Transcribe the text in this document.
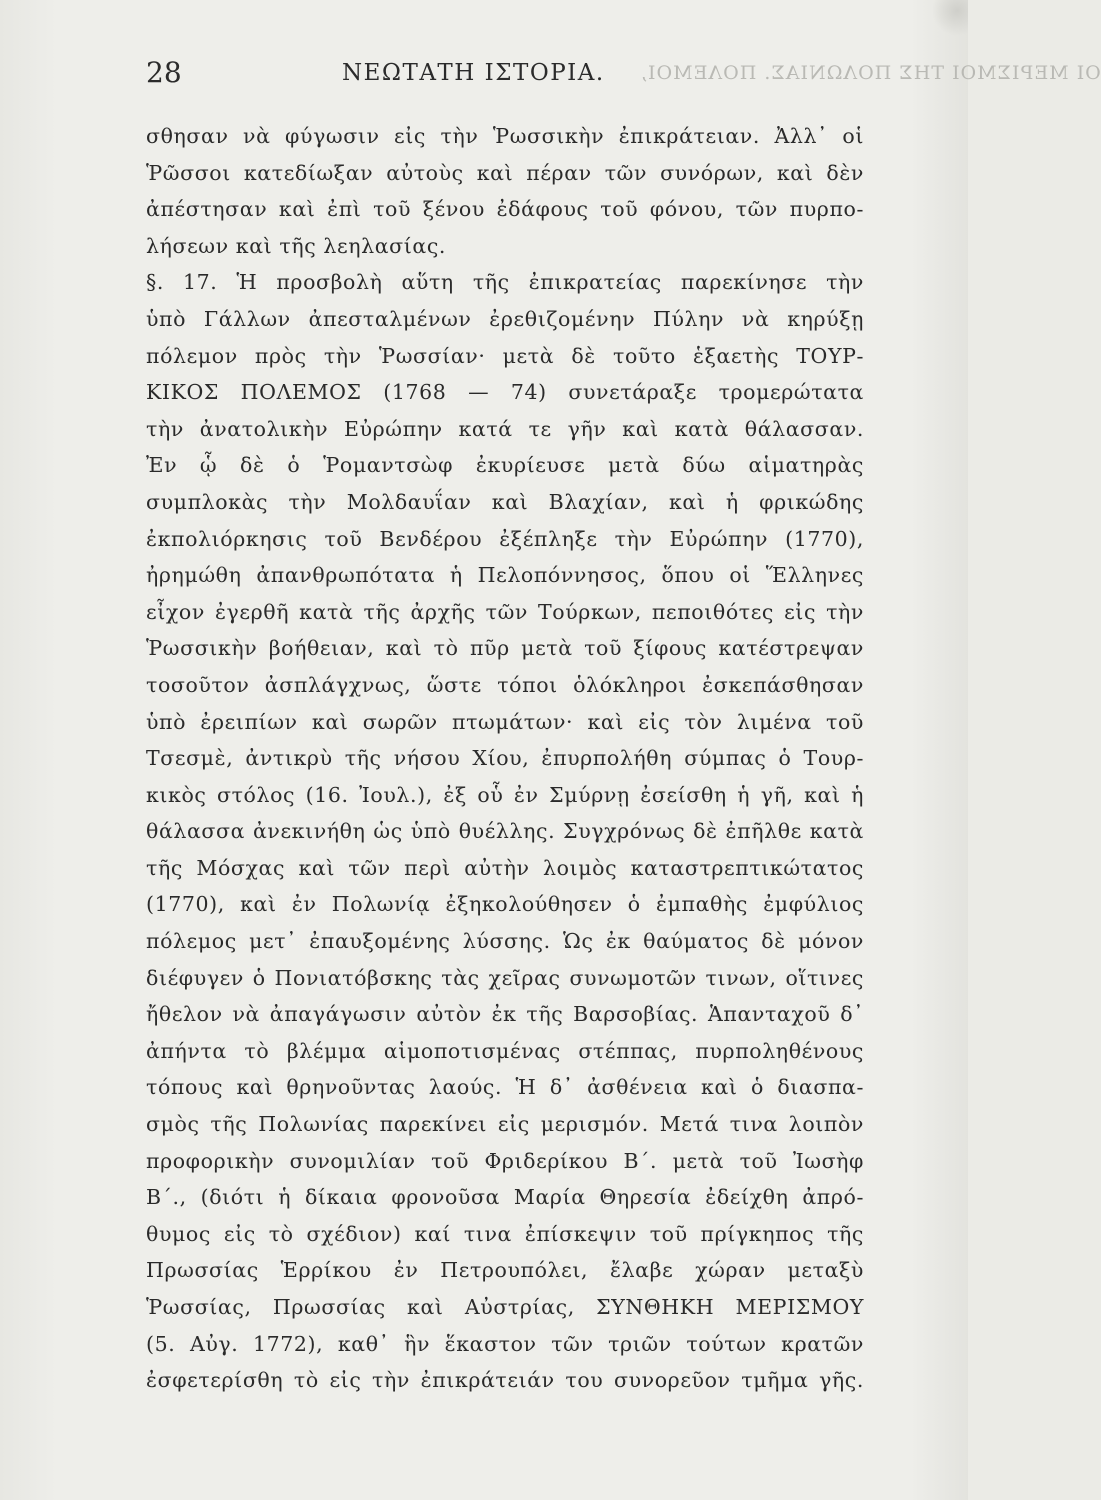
ΟΙ ΜΕΡΙΣΜΟΙ ΤΗΣ ΠΟΛΩΝΙΑΣ. ΠΟΛΕΜΟΙ,
28	ΝΕΩΤΑΤΗ ΙΣΤΟΡΙΑ.
σθησαν νὰ φύγωσιν εἰς τὴν Ῥωσσικὴν ἐπικράτειαν. Ἀλλ᾽ οἱ
Ῥῶσσοι κατεδίωξαν αὐτοὺς καὶ πέραν τῶν συνόρων, καὶ δὲν
ἀπέστησαν καὶ ἐπὶ τοῦ ξένου ἐδάφους τοῦ φόνου, τῶν πυρπο-
λήσεων καὶ τῆς λεηλασίας.
§. 17. Ἡ προσβολὴ αὕτη τῆς ἐπικρατείας παρεκίνησε τὴν
ὑπὸ Γάλλων ἀπεσταλμένων ἐρεθιζομένην Πύλην νὰ κηρύξῃ
πόλεμον πρὸς τὴν Ῥωσσίαν· μετὰ δὲ τοῦτο ἑξαετὴς ΤΟΥΡ-
ΚΙΚΟΣ ΠΟΛΕΜΟΣ (1768 — 74) συνετάραξε τρομερώτατα
τὴν ἀνατολικὴν Εὐρώπην κατά τε γῆν καὶ κατὰ θάλασσαν.
Ἐν ᾧ δὲ ὁ Ῥομαντσὼφ ἐκυρίευσε μετὰ δύω αἱματηρὰς
συμπλοκὰς τὴν Μολδαυΐαν καὶ Βλαχίαν, καὶ ἡ φρικώδης
ἐκπολιόρκησις τοῦ Βενδέρου ἐξέπληξε τὴν Εὐρώπην (1770),
ἠρημώθη ἀπανθρωπότατα ἡ Πελοπόννησος, ὅπου οἱ Ἕλληνες
εἶχον ἐγερθῆ κατὰ τῆς ἀρχῆς τῶν Τούρκων, πεποιθότες εἰς τὴν
Ῥωσσικὴν βοήθειαν, καὶ τὸ πῦρ μετὰ τοῦ ξίφους κατέστρεψαν
τοσοῦτον ἀσπλάγχνως, ὥστε τόποι ὁλόκληροι ἐσκεπάσθησαν
ὑπὸ ἐρειπίων καὶ σωρῶν πτωμάτων· καὶ εἰς τὸν λιμένα τοῦ
Τσεσμὲ, ἀντικρὺ τῆς νήσου Χίου, ἐπυρπολήθη σύμπας ὁ Τουρ-
κικὸς στόλος (16. Ἰουλ.), ἐξ οὗ ἐν Σμύρνῃ ἐσείσθη ἡ γῆ, καὶ ἡ
θάλασσα ἀνεκινήθη ὡς ὑπὸ θυέλλης. Συγχρόνως δὲ ἐπῆλθε κατὰ
τῆς Μόσχας καὶ τῶν περὶ αὐτὴν λοιμὸς καταστρεπτικώτατος
(1770), καὶ ἐν Πολωνίᾳ ἐξηκολούθησεν ὁ ἐμπαθὴς ἐμφύλιος
πόλεμος μετ᾽ ἐπαυξομένης λύσσης. Ὡς ἐκ θαύματος δὲ μόνον
διέφυγεν ὁ Πονιατόβσκης τὰς χεῖρας συνωμοτῶν τινων, οἵτινες
ἤθελον νὰ ἀπαγάγωσιν αὐτὸν ἐκ τῆς Βαρσοβίας. Ἁπανταχοῦ δ᾽
ἀπήντα τὸ βλέμμα αἱμοποτισμένας στέππας, πυρποληθένους
τόπους καὶ θρηνοῦντας λαούς. Ἡ δ᾽ ἀσθένεια καὶ ὁ διασπα-
σμὸς τῆς Πολωνίας παρεκίνει εἰς μερισμόν. Μετά τινα λοιπὸν
προφορικὴν συνομιλίαν τοῦ Φριδερίκου Β΄. μετὰ τοῦ Ἰωσὴφ
Β΄., (διότι ἡ δίκαια φρονοῦσα Μαρία Θηρεσία ἐδείχθη ἀπρό-
θυμος εἰς τὸ σχέδιον) καί τινα ἐπίσκεψιν τοῦ πρίγκηπος τῆς
Πρωσσίας Ἑρρίκου ἐν Πετρουπόλει, ἔλαβε χώραν μεταξὺ
Ῥωσσίας, Πρωσσίας καὶ Αὐστρίας, ΣΥΝΘΗΚΗ ΜΕΡΙΣΜΟΥ
(5. Αὐγ. 1772), καθ᾽ ἣν ἕκαστον τῶν τριῶν τούτων κρατῶν
ἐσφετερίσθη τὸ εἰς τὴν ἐπικράτειάν του συνορεῦον τμῆμα γῆς.
